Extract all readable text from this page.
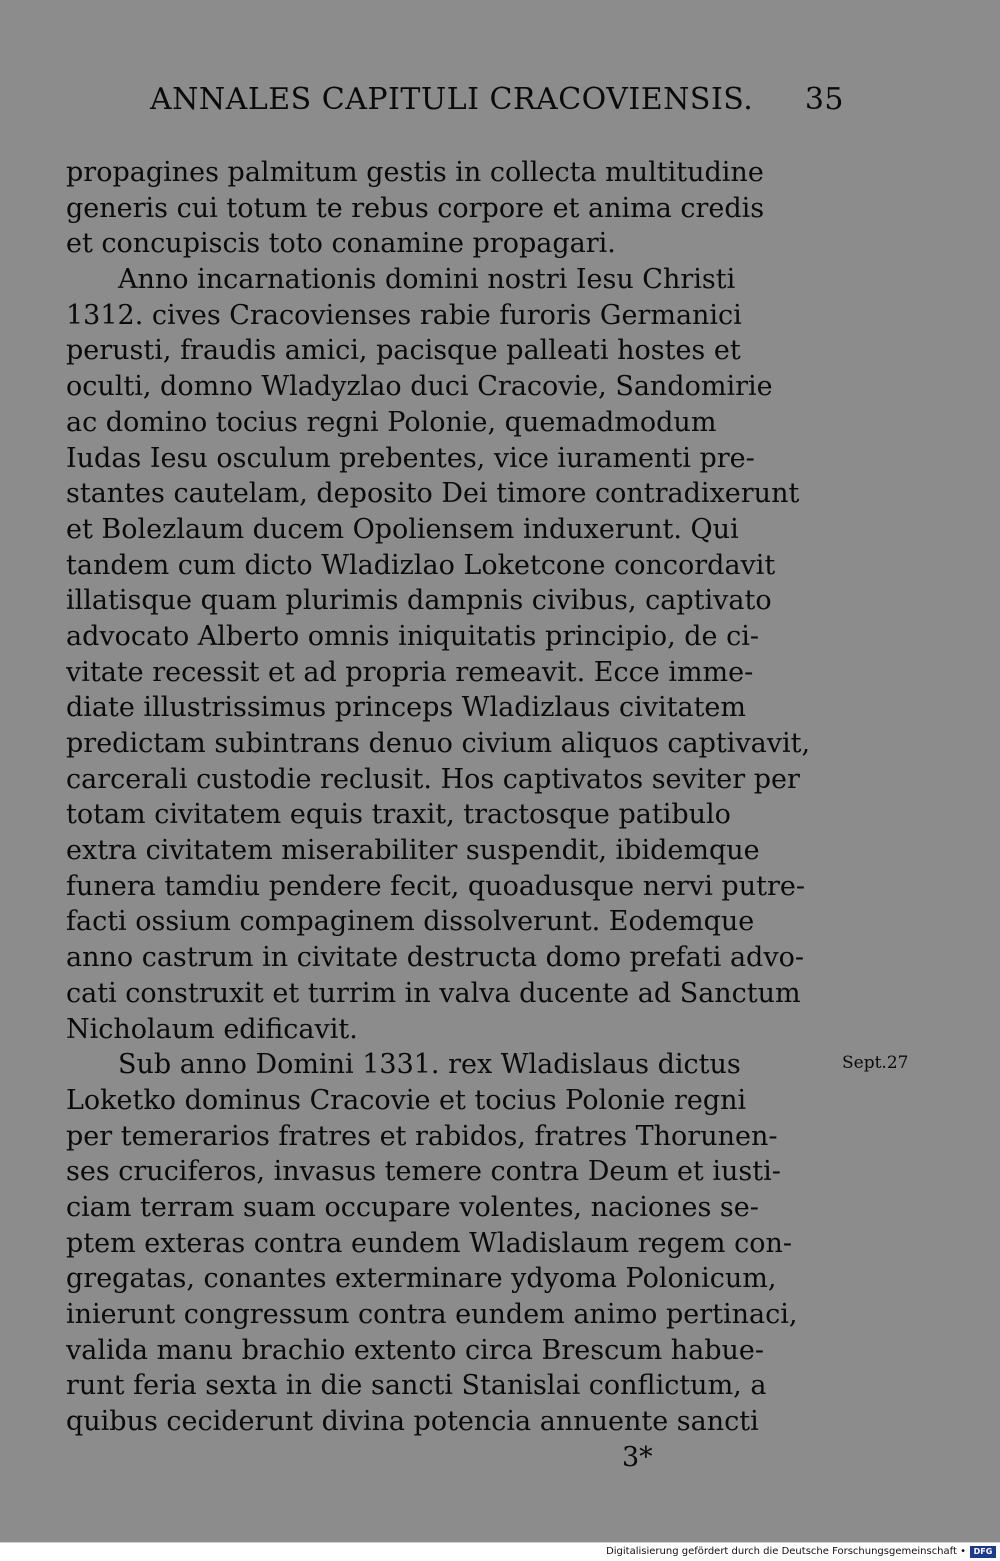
ANNALES CAPITULI CRACOVIENSIS. 35
propagines palmitum gestis in collecta multitudine
generis cui totum te rebus corpore et anima credis
et concupiscis toto conamine propagari.
Anno incarnationis domini nostri Iesu Christi
1312. cives Cracovienses rabie furoris Germanici
perusti, fraudis amici, pacisque palleati hostes et
oculti, domno Wladyzlao duci Cracovie, Sandomirie
ac domino tocius regni Polonie, quemadmodum
Iudas Iesu osculum prebentes, vice iuramenti pre-
stantes cautelam, deposito Dei timore contradixerunt
et Bolezlaum ducem Opoliensem induxerunt. Qui
tandem cum dicto Wladizlao Loketcone concordavit
illatisque quam plurimis dampnis civibus, captivato
advocato Alberto omnis iniquitatis principio, de ci-
vitate recessit et ad propria remeavit. Ecce imme-
diate illustrissimus princeps Wladizlaus civitatem
predictam subintrans denuo civium aliquos captivavit,
carcerali custodie reclusit. Hos captivatos seviter per
totam civitatem equis traxit, tractosque patibulo
extra civitatem miserabiliter suspendit, ibidemque
funera tamdiu pendere fecit, quoadusque nervi putre-
facti ossium compaginem dissolverunt. Eodemque
anno castrum in civitate destructa domo prefati advo-
cati construxit et turrim in valva ducente ad Sanctum
Nicholaum edificavit.
Sub anno Domini 1331. rex Wladislaus dictus
Loketko dominus Cracovie et tocius Polonie regni
per temerarios fratres et rabidos, fratres Thorunen-
ses cruciferos, invasus temere contra Deum et iusti-
ciam terram suam occupare volentes, naciones se-
ptem exteras contra eundem Wladislaum regem con-
gregatas, conantes exterminare ydyoma Polonicum,
inierunt congressum contra eundem animo pertinaci,
valida manu brachio extento circa Brescum habue-
runt feria sexta in die sancti Stanislai conflictum, a
quibus ceciderunt divina potencia annuente sancti
Sept.27
3*
Digitalisierung gefördert durch die Deutsche Forschungsgemeinschaft • DFG
